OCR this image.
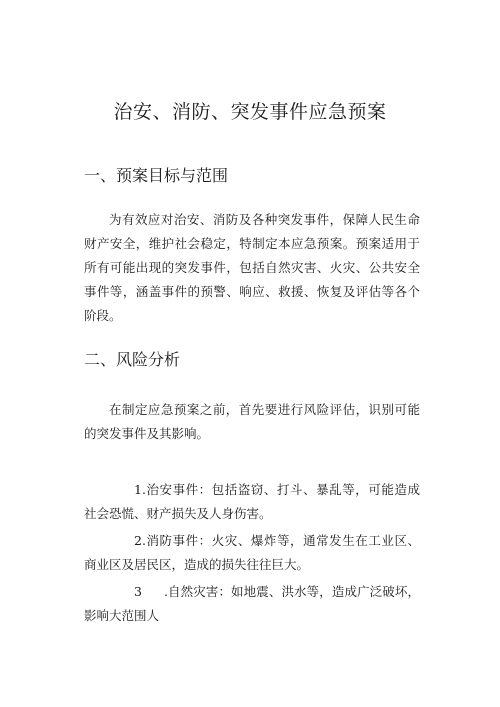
治安、消防、突发事件应急预案
一、预案目标与范围

为有效应对治安、消防及各种突发事件，保障人民生命财产安全，维护社会稳定，特制定本应急预案。预案适用于所有可能出现的突发事件，包括自然灾害、火灾、公共安全事件等，涵盖事件的预警、响应、救援、恢复及评估等各个阶段。

二、风险分析

在制定应急预案之前，首先要进行风险评估，识别可能的突发事件及其影响。

1.治安事件：包括盗窃、打斗、暴乱等，可能造成社会恐慌、财产损失及人身伤害。

2.消防事件：火灾、爆炸等，通常发生在工业区、商业区及居民区，造成的损失往往巨大。

3 .自然灾害：如地震、洪水等，造成广泛破坏，影响大范围人
